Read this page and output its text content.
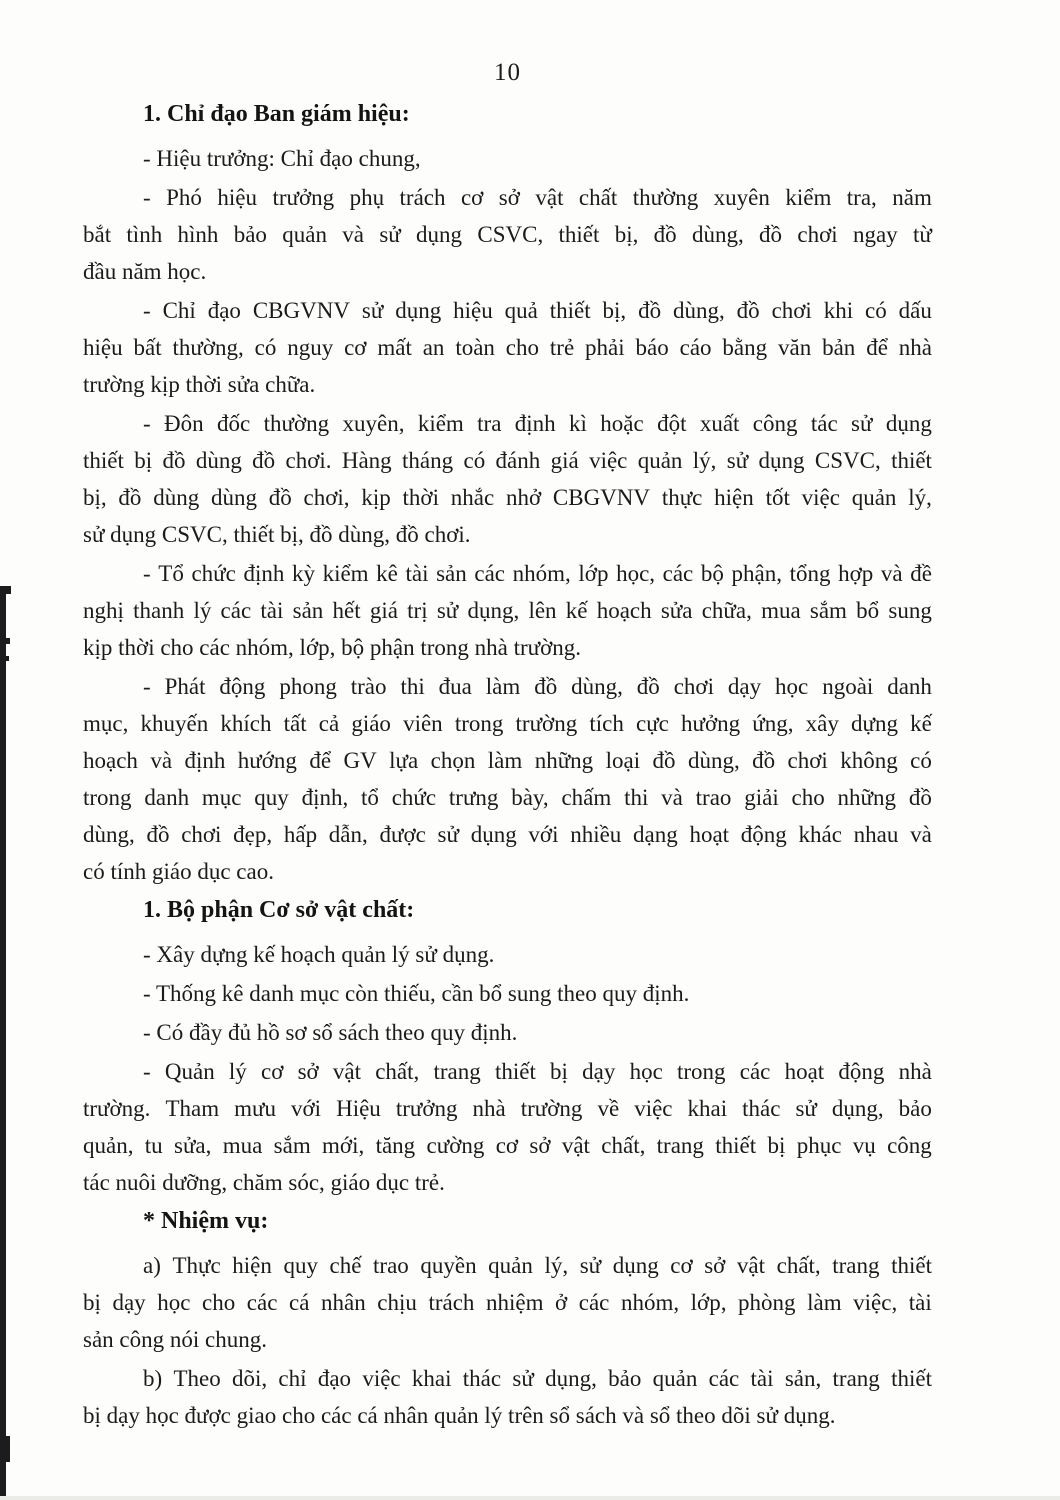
10
1. Chỉ đạo Ban giám hiệu:
- Hiệu trưởng: Chỉ đạo chung,
- Phó hiệu trưởng phụ trách cơ sở vật chất thường xuyên kiểm tra, năm
bắt tình hình bảo quản và sử dụng CSVC, thiết bị, đồ dùng, đồ chơi ngay từ
đầu năm học.
- Chỉ đạo CBGVNV sử dụng hiệu quả thiết bị, đồ dùng, đồ chơi khi có dấu
hiệu bất thường, có nguy cơ mất an toàn cho trẻ phải báo cáo bằng văn bản để nhà
trường kịp thời sửa chữa.
- Đôn đốc thường xuyên, kiểm tra định kì hoặc đột xuất công tác sử dụng
thiết bị đồ dùng đồ chơi. Hàng tháng có đánh giá việc quản lý, sử dụng CSVC, thiết
bị, đồ dùng dùng đồ chơi, kịp thời nhắc nhở CBGVNV thực hiện tốt việc quản lý,
sử dụng CSVC, thiết bị, đồ dùng, đồ chơi.
- Tổ chức định kỳ kiểm kê tài sản các nhóm, lớp học, các bộ phận, tổng hợp và đề
nghị thanh lý các tài sản hết giá trị sử dụng, lên kế hoạch sửa chữa, mua sắm bổ sung
kịp thời cho các nhóm, lớp, bộ phận trong nhà trường.
- Phát động phong trào thi đua làm đồ dùng, đồ chơi dạy học ngoài danh
mục, khuyến khích tất cả giáo viên trong trường tích cực hưởng ứng, xây dựng kế
hoạch và định hướng để GV lựa chọn làm những loại đồ dùng, đồ chơi không có
trong danh mục quy định, tổ chức trưng bày, chấm thi và trao giải cho những đồ
dùng, đồ chơi đẹp, hấp dẫn, được sử dụng với nhiều dạng hoạt động khác nhau và
có tính giáo dục cao.
1. Bộ phận Cơ sở vật chất:
- Xây dựng kế hoạch quản lý sử dụng.
- Thống kê danh mục còn thiếu, cần bổ sung theo quy định.
- Có đầy đủ hồ sơ sổ sách theo quy định.
- Quản lý cơ sở vật chất, trang thiết bị dạy học trong các hoạt động nhà
trường. Tham mưu với Hiệu trưởng nhà trường về việc khai thác sử dụng, bảo
quản, tu sửa, mua sắm mới, tăng cường cơ sở vật chất, trang thiết bị phục vụ công
tác nuôi dưỡng, chăm sóc, giáo dục trẻ.
* Nhiệm vụ:
a) Thực hiện quy chế trao quyền quản lý, sử dụng cơ sở vật chất, trang thiết
bị dạy học cho các cá nhân chịu trách nhiệm ở các nhóm, lớp, phòng làm việc, tài
sản công nói chung.
b) Theo dõi, chỉ đạo việc khai thác sử dụng, bảo quản các tài sản, trang thiết
bị dạy học được giao cho các cá nhân quản lý trên sổ sách và sổ theo dõi sử dụng.
